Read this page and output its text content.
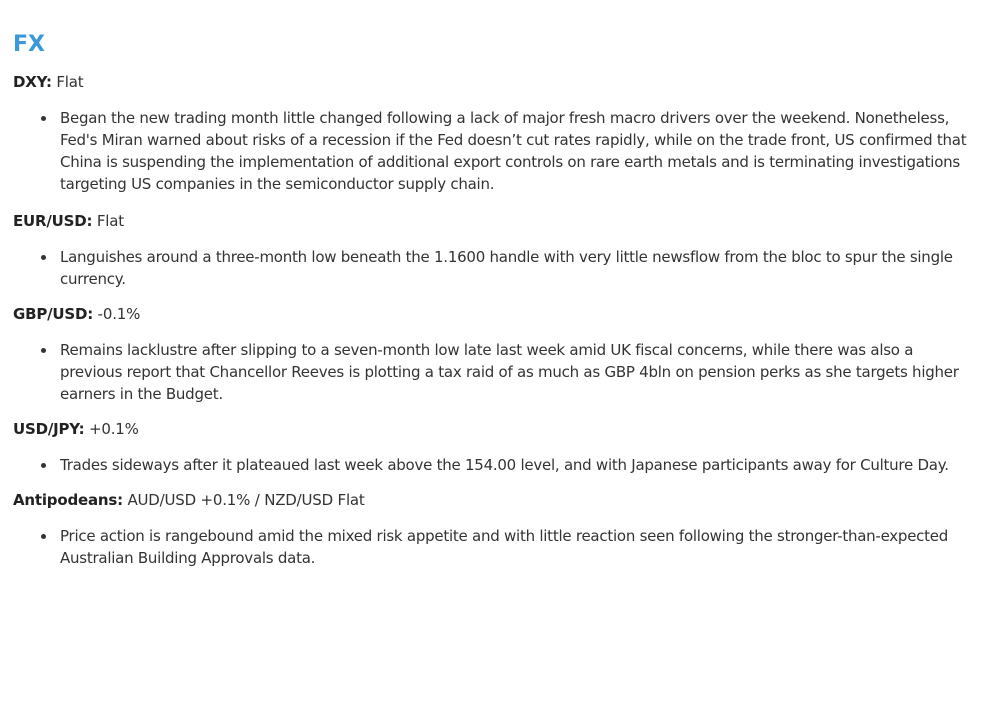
FX

DXY: Flat

Began the new trading month little changed following a lack of major fresh macro drivers over the weekend. Nonetheless, Fed's Miran warned about risks of a recession if the Fed doesn’t cut rates rapidly, while on the trade front, US confirmed that China is suspending the implementation of additional export controls on rare earth metals and is terminating investigations targeting US companies in the semiconductor supply chain.

EUR/USD: Flat

Languishes around a three-month low beneath the 1.1600 handle with very little newsflow from the bloc to spur the single currency.

GBP/USD: -0.1%

Remains lacklustre after slipping to a seven-month low late last week amid UK fiscal concerns, while there was also a previous report that Chancellor Reeves is plotting a tax raid of as much as GBP 4bln on pension perks as she targets higher earners in the Budget.

USD/JPY: +0.1%

Trades sideways after it plateaued last week above the 154.00 level, and with Japanese participants away for Culture Day.

Antipodeans: AUD/USD +0.1% / NZD/USD Flat

Price action is rangebound amid the mixed risk appetite and with little reaction seen following the stronger-than-expected Australian Building Approvals data.
